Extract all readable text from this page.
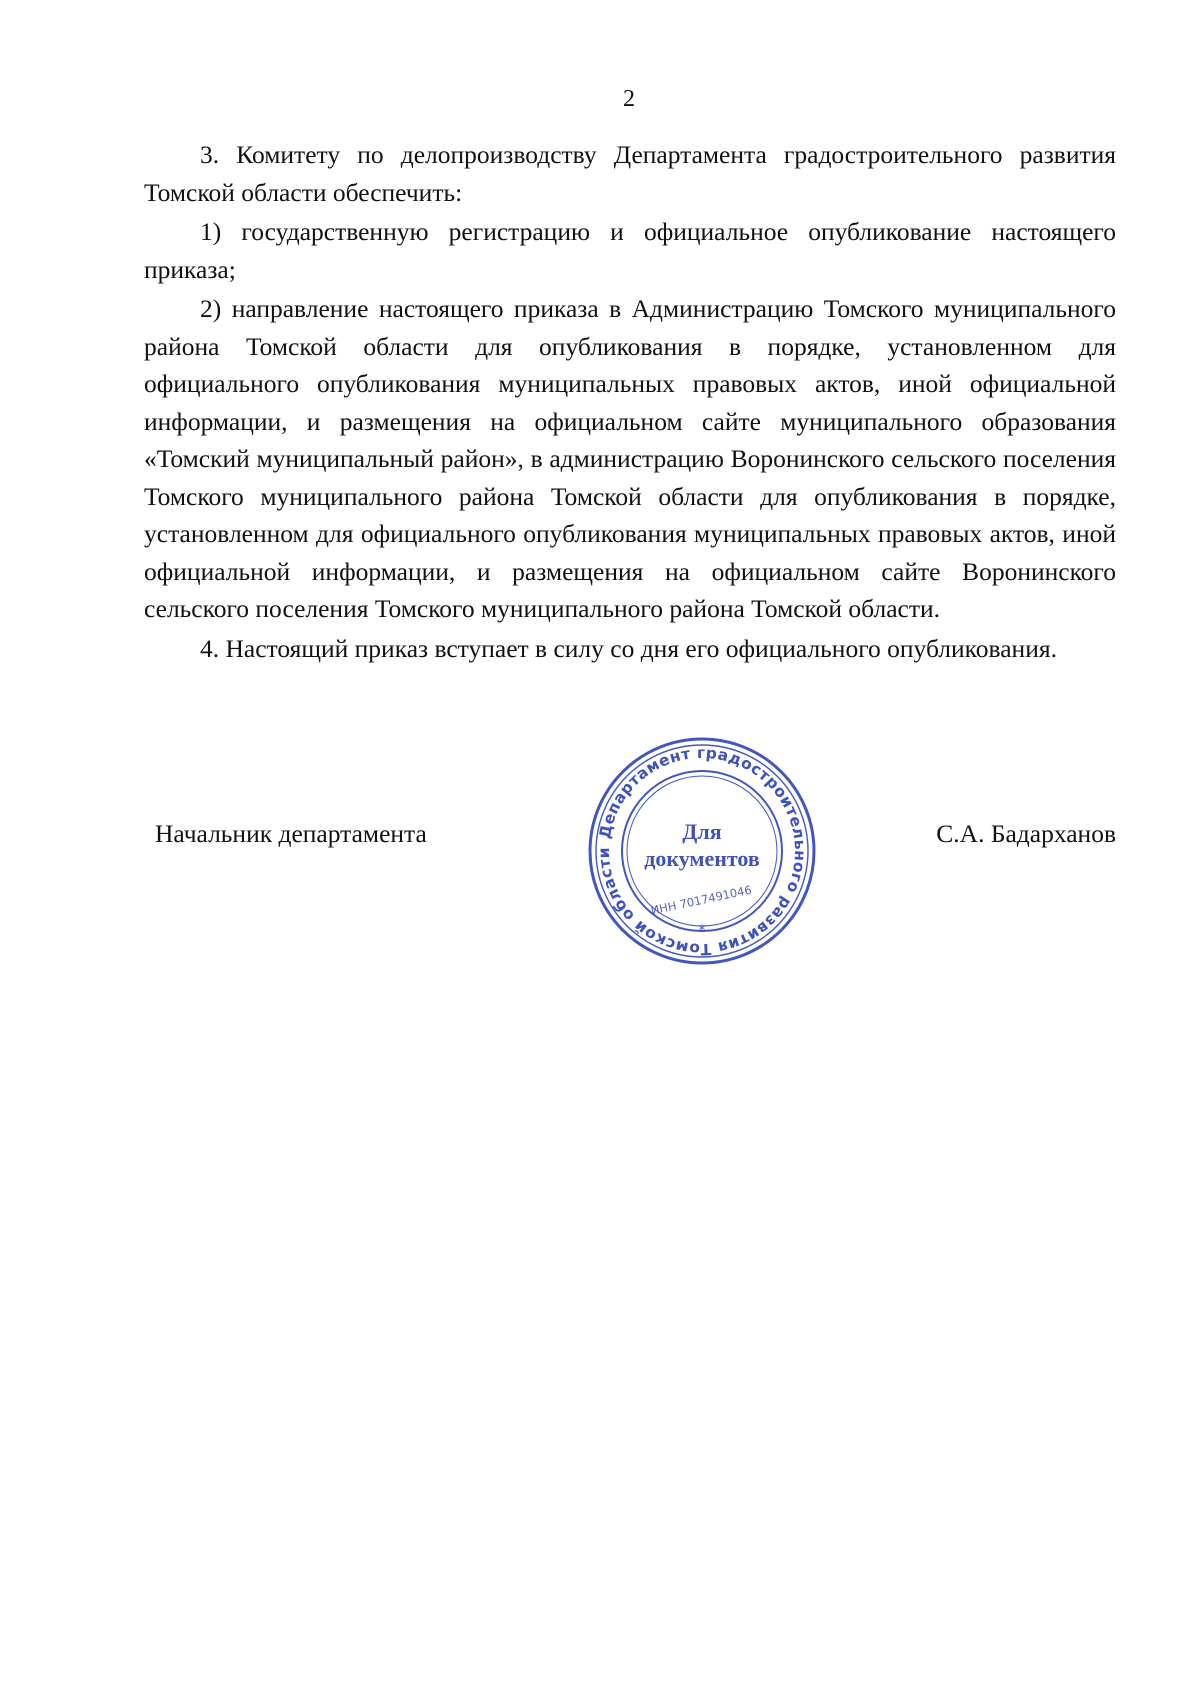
2

3. Комитету по делопроизводству Департамента градостроительного развития Томской области обеспечить:

1) государственную регистрацию и официальное опубликование настоящего приказа;

2) направление настоящего приказа в Администрацию Томского муниципального района Томской области для опубликования в порядке, установленном для официального опубликования муниципальных правовых актов, иной официальной информации, и размещения на официальном сайте муниципального образования «Томский муниципальный район», в администрацию Воронинского сельского поселения Томского муниципального района Томской области для опубликования в порядке, установленном для официального опубликования муниципальных правовых актов, иной официальной информации, и размещения на официальном сайте Воронинского сельского поселения Томского муниципального района Томской области.

4. Настоящий приказ вступает в силу со дня его официального опубликования.

Начальник департамента	С.А. Бадарханов
Департамент градостроительного развития Томской области
Для
документов
ИНН 7017491046
*
